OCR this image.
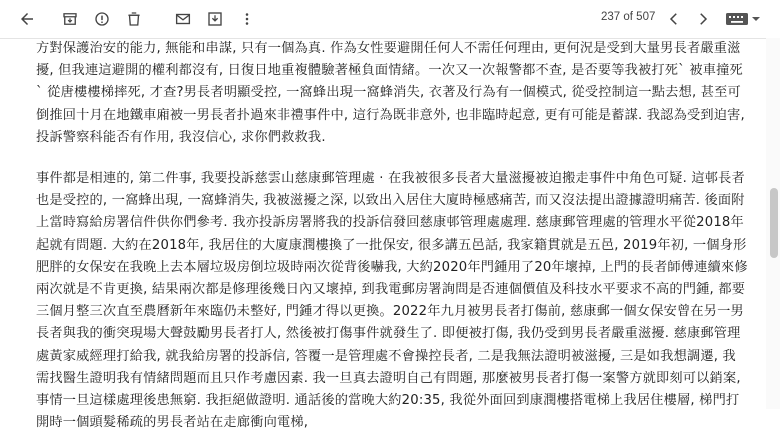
237 of 507

方對保護治安的能力, 無能和串謀, 只有一個為真. 作為女性要避開任何人不需任何理由, 更何況是受到大量男長者嚴重滋擾, 但我連這避開的權利都沒有, 日復日地重複體驗著極負面情緒。一次又一次報警都不查, 是否要等我被打死` 被車撞死` 從唐樓樓梯摔死, 才查?男長者明顯受控, 一窩蜂出現一窩蜂消失, 衣著及行為有一個模式, 從受控制這一點去想, 甚至可倒推回十月在地鐵車廂被一男長者扑過來非禮事件中, 這行為既非意外, 也非臨時起意, 更有可能是蓄謀. 我認為受到迫害, 投訴警察科能否有作用, 我沒信心, 求你們救救我.

事件都是相連的, 第二件事, 我要投訴慈雲山慈康郵管理處 · 在我被很多長者大量滋擾被迫搬走事件中角色可疑. 這邨長者也是受控的, 一窩蜂出現, 一窩蜂消失, 我被滋擾之深, 以致出入居住大廈時極感痛苦, 而又沒法提出證據證明痛苦. 後面附上當時寫給房署信件供你們參考. 我亦投訴房署將我的投訴信發回慈康邨管理處處理. 慈康郵管理處的管理水平從2018年起就有問題. 大約在2018年, 我居住的大廈康潤樓換了一批保安, 很多講五邑話, 我家籍貫就是五邑, 2019年初, 一個身形肥胖的女保安在我晚上去本層垃圾房倒垃圾時兩次從背後嚇我, 大約2020年門鍾用了20年壞掉, 上門的長者師傅連續來修兩次就是不肯更換, 結果兩次都是修理後幾日內又壞掉, 到我電郵房署詢問是否連個價值及科技水平要求不高的門鍾, 都要三個月整三次直至農曆新年來臨仍未整好, 門鍾才得以更換。2022年九月被男長者打傷前, 慈康郵一個女保安曾在另一男長者與我的衝突現場大聲鼓勵男長者打人, 然後被打傷事件就發生了. 即便被打傷, 我仍受到男長者嚴重滋擾. 慈康郵管理處黃家威經理打給我, 就我給房署的投訴信, 答覆一是管理處不會操控長者, 二是我無法證明被滋擾, 三是如我想調遷, 我需找醫生證明我有情緒問題而且只作考慮因素. 我一旦真去證明自己有問題, 那麼被男長者打傷一案警方就即刻可以銷案, 事情一旦這樣處理後患無窮. 我拒絕做證明. 通話後的當晚大約20:35, 我從外面回到康潤樓搭電梯上我居住樓層, 梯門打開時一個頭髮稀疏的男長者站在走廊衝向電梯,
